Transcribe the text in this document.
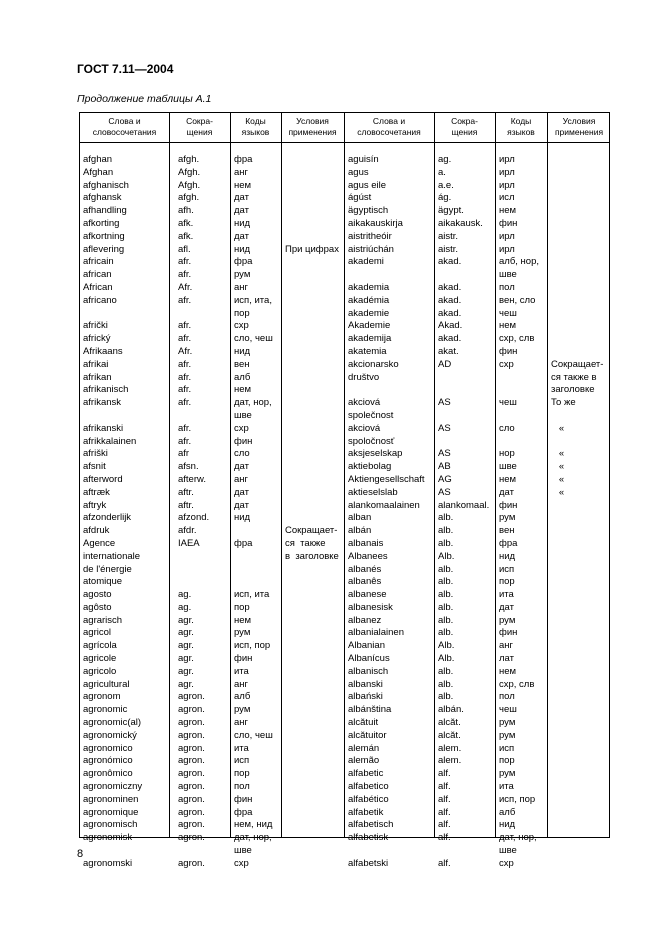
ГОСТ 7.11—2004
Продолжение таблицы А.1
Слова и
словосочетания
Сокра-
щения
Коды
языков
Условия
применения
Слова и
словосочетания
Сокра-
щения
Коды
языков
Условия
применения
afghan
Afghan
afghanisch
afghansk
afhandling
afkorting
afkortning
aflevering
africain
african
African
africano

afrički
africký
Afrikaans
afrikai
afrikan
afrikanisch
afrikansk

afrikanski
afrikkalainen
afriški
afsnit
afterword
aftræk
aftryk
afzonderlijk
afdruk
Agence
internationale
de l'énergie
atomique
agosto
agôsto
agrarisch
agricol
agrícola
agricole
agricolo
agricultural
agronom
agronomic
agronomic(al)
agronomický
agronomico
agronómico
agronômico
agronomiczny
agronominen
agronomique
agronomisch
agronomisk

agronomski
afgh.
Afgh.
Afgh.
afgh.
afh.
afk.
afk.
afl.
afr.
afr.
Afr.
afr.

afr.
afr.
Afr.
afr.
afr.
afr.
afr.

afr.
afr.
afr
afsn.
afterw.
aftr.
aftr.
afzond.
afdr.
IAEA

ag.
ag.
agr.
agr.
agr.
agr.
agr.
agr.
agron.
agron.
agron.
agron.
agron.
agron.
agron.
agron.
agron.
agron.
agron.
agron.

agron.
фра
анг
нем
дат
дат
нид
дат
нид
фра
рум
анг
исп, ита,
пор
схр
сло, чеш
нид
вен
алб
нем
дат, нор,
шве
схр
фин
сло
дат
анг
дат
дат
нид

фра

исп, ита
пор
нем
рум
исп, пор
фин
ита
анг
алб
рум
анг
сло, чеш
ита
исп
пор
пол
фин
фра
нем, нид
дат, нор,
шве
схр

При цифрах

Сокращает-
ся  также
в  заголовке
aguisín
agus
agus eile
ágúst
ägyptisch
aikakauskirja
aistritheóir
aistriúchán
akademi

akademia
akadémia
akademie
Akademie
akademija
akatemia
akcionarsko
društvo

akciová
společnost
akciová
spoločnosť
aksjeselskap
aktiebolag
Aktiengesellschaft
aktieselslab
alankomaalainen
alban
albán
albanais
Albanees
albanés
albanês
albanese
albanesisk
albanez
albanialainen
Albanian
Albanícus
albanisch
albanski
albański
albánština
alcătuit
alcătuitor
alemán
alemão
alfabetic
alfabetico
alfabético
alfabetik
alfabetisch
alfabetisk

alfabetski
ag.
a.
a.e.
ág.
ägypt.
aikakausk.
aistr.
aistr.
akad.

akad.
akad.
akad.
Akad.
akad.
akat.
AD

AS

AS

AS
AB
AG
AS
alankomaal.
alb.
alb.
alb.
Alb.
alb.
alb.
alb.
alb.
alb.
alb.
Alb.
Alb.
alb.
alb.
alb.
albán.
alcăt.
alcăt.
alem.
alem.
alf.
alf.
alf.
alf.
alf.
alf.

alf.
ирл
ирл
ирл
исл
нем
фин
ирл
ирл
алб, нор,
шве
пол
вен, сло
чеш
нем
схр, слв
фин
схр

чеш

сло

нор
шве
нем
дат
фин
рум
вен
фра
нид
исп
пор
ита
дат
рум
фин
анг
лат
нем
схр, слв
пол
чеш
рум
рум
исп
пор
рум
ита
исп, пор
алб
нид
дат, нор,
шве
схр

Сокращает-
ся также в
заголовке
То же

«

«
«
«
«
8
